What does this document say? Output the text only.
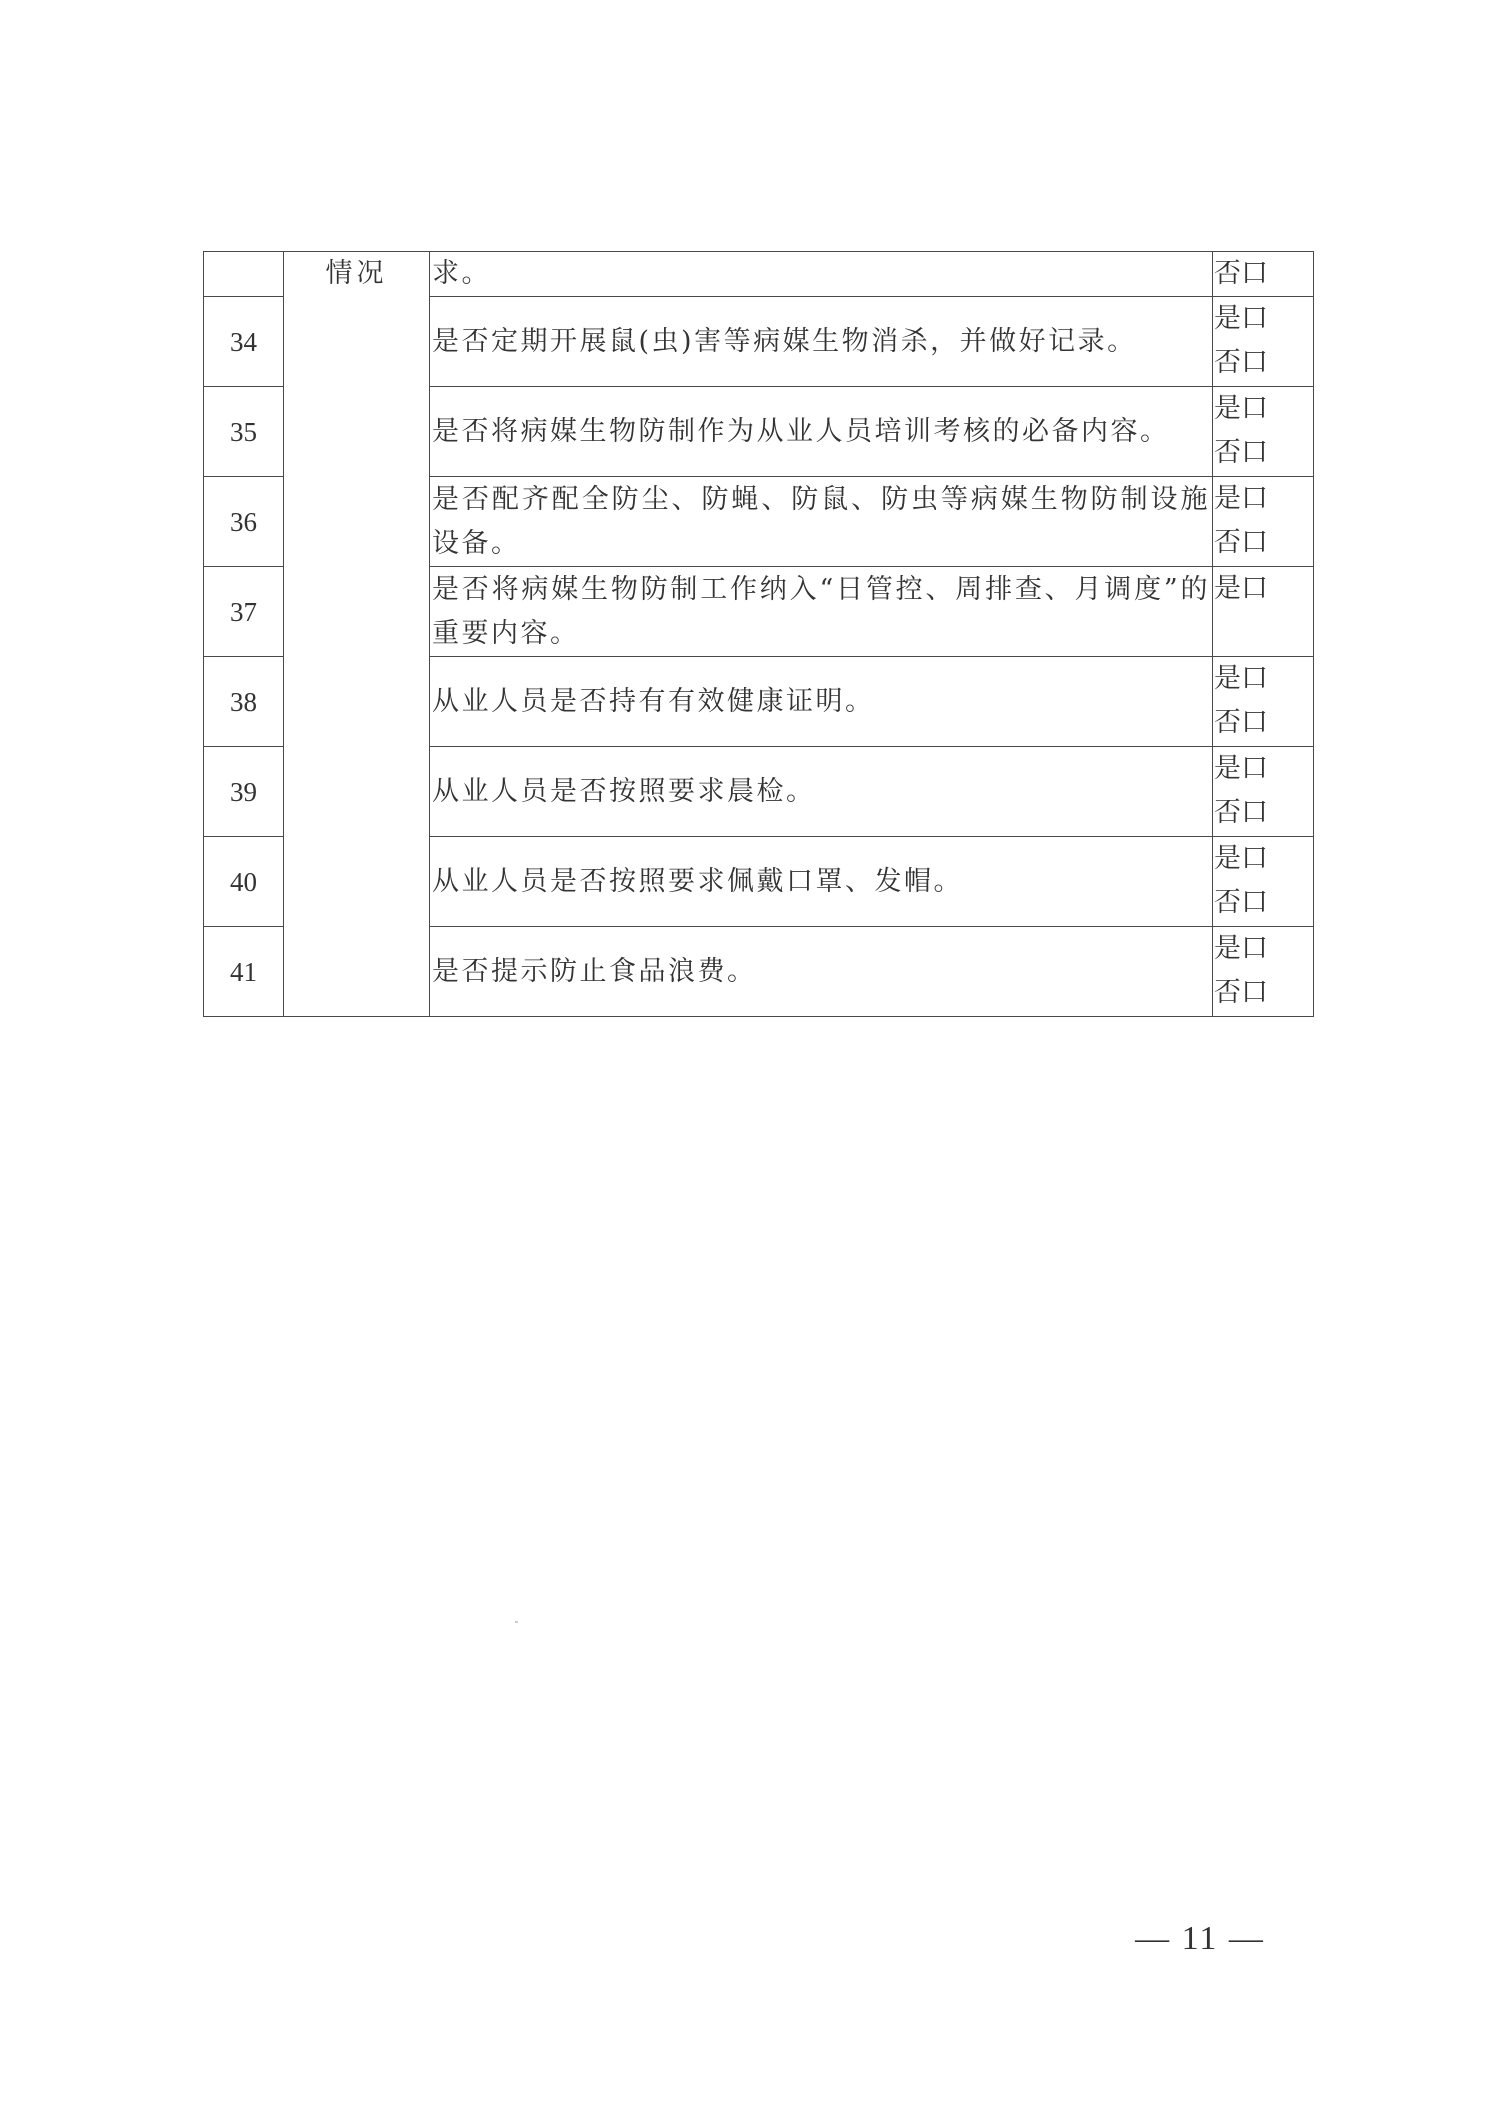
	情况	求。	否口

34		是否定期开展鼠(虫)害等病媒生物消杀，并做好记录。	是口
否口

35		是否将病媒生物防制作为从业人员培训考核的必备内容。	是口
否口

36		是否配齐配全防尘、防蝇、防鼠、防虫等病媒生物防制设施设备。	是口
否口

37		是否将病媒生物防制工作纳入“日管控、周排查、月调度”的重要内容。	是口

38		从业人员是否持有有效健康证明。	是口
否口

39		从业人员是否按照要求晨检。	是口
否口

40		从业人员是否按照要求佩戴口罩、发帽。	是口
否口

41		是否提示防止食品浪费。	是口
否口
— 11 —
